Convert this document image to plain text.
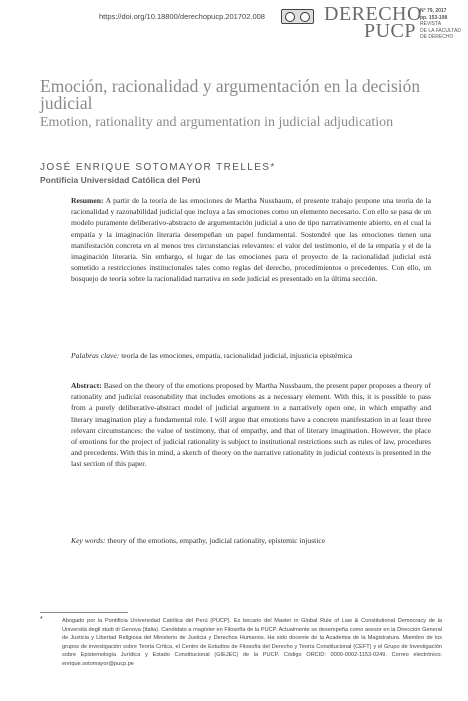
https://doi.org/10.18800/derechopucp.201702.008	DERECHO
PUCP
N° 79, 2017
pp. 153-198
REVISTA
DE LA FACULTAD
DE DERECHO
Emoción, racionalidad y argumentación en la decisión judicial
Emotion, rationality and argumentation in judicial adjudication
JOSÉ ENRIQUE SOTOMAYOR TRELLES*
Pontificia Universidad Católica del Perú
Resumen: A partir de la teoría de las emociones de Martha Nussbaum, el presente trabajo propone una teoría de la racionalidad y razonabilidad judicial que incluya a las emociones como un elemento necesario. Con ello se pasa de un modelo puramente deliberativo-abstracto de argumentación judicial a uno de tipo narrativamente abierto, en el cual la empatía y la imaginación literaria desempeñan un papel fundamental. Sostendré que las emociones tienen una manifestación concreta en al menos tres circunstancias relevantes: el valor del testimonio, el de la empatía y el de la imaginación literaria. Sin embargo, el lugar de las emociones para el proyecto de la racionalidad judicial está sometido a restricciones institucionales tales como reglas del derecho, procedimientos o precedentes. Con ello, un bosquejo de teoría sobre la racionalidad narrativa en sede judicial es presentado en la última sección.
Palabras clave: teoría de las emociones, empatía, racionalidad judicial, injusticia epistémica
Abstract: Based on the theory of the emotions proposed by Martha Nussbaum, the present paper proposes a theory of rationality and judicial reasonability that includes emotions as a necessary element. With this, it is possible to pass from a purely deliberative-abstract model of judicial argument to a narratively open one, in which empathy and literary imagination play a fundamental role. I will argue that emotions have a concrete manifestation in at least three relevant circumstances: the value of testimony, that of empathy, and that of literary imagination. However, the place of emotions for the project of judicial rationality is subject to institutional restrictions such as rules of law, procedures and precedents. With this in mind, a sketch of theory on the narrative rationality in judicial contexts is presented in the last section of this paper.
Key words: theory of the emotions, empathy, judicial rationality, epistemic injustice
*	Abogado por la Pontificia Universidad Católica del Perú (PUCP). Ex becario del Master in Global Rule of Law & Constitutional Democracy de la Università degli studi di Genova (Italia). Candidato a magíster en Filosofía de la PUCP. Actualmente se desempeña como asesor en la Dirección General de Justicia y Libertad Religiosa del Ministerio de Justicia y Derechos Humanos. Ha sido docente de la Academia de la Magistratura. Miembro de los grupos de investigación sobre Teoría Crítica, el Centro de Estudios de Filosofía del Derecho y Teoría Constitucional (CEFT) y el Grupo de Investigación sobre Epistemología Jurídica y Estado Constitucional (GIEJEC) de la PUCP. Código ORCID: 0000-0002-1153-0249. Correo electrónico: enrique.sotomayor@pucp.pe
